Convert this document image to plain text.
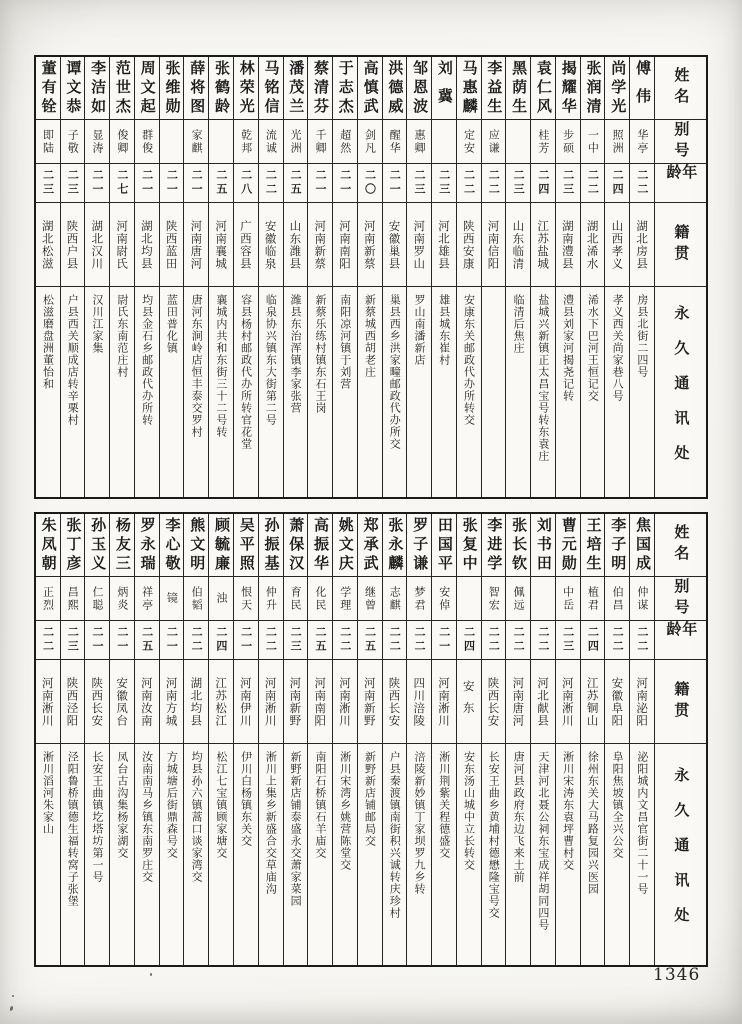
姓名
别号
年龄
籍贯
永久通讯处
傅伟
华亭
二二
湖北房县
房县北街二四号
尚学光
照洲
二四
山西孝义
孝义西关尚家巷八号
张润清
一中
二二
湖北浠水
浠水下巴河王恒记交
揭耀华
步硕
二三
湖南澧县
澧县刘家河揭尧记转
袁仁风
桂芳
二四
江苏盐城
盐城兴新镇正太昌宝号转东袁庄
黑荫生
二三
山东临清
临清后焦庄
李益生
应谦
二二
河南信阳
马惠麟
定安
二二
陕西安康
安康东关邮政代办所转交
刘冀
二三
河北雄县
雄县城东崔村
邹恩波
惠卿
二三
河南罗山
罗山南潘新店
洪德威
醒华
二一
安徽巢县
巢县西乡洪家疃邮政代办所交
高慎武
剑凡
二〇
河南新蔡
新蔡城西胡老庄
于志杰
超然
二一
河南南阳
南阳凉河镇于刘营
蔡清芬
千卿
二一
河南新蔡
新蔡乐练村镇东石王岗
潘茂兰
光洲
二五
山东潍县
潍县东治浑镇李家张营
马铭信
流诚
二二
安徽临泉
临泉协兴镇东大街第二号
林荣光
乾邦
二八
广西容县
容县杨村邮政代办所转官花堂
张鹤龄
二五
河南襄城
襄城内共和东街三十二号转
薛将图
家麒
二一
河南唐河
唐河东涧岭店恒丰泰交罗村
张维勋
二一
陕西蓝田
蓝田普化镇
周文起
群俊
二一
湖北均县
均县金石乡邮政代办所转
范世杰
俊卿
二七
河南尉氏
尉氏东南范庄村
李洁如
显涛
二一
湖北汉川
汉川江家集
谭文恭
子敬
二三
陕西户县
户县西关顺成店转辛栗村
董有铨
即陆
二三
湖北松滋
松滋磨盘洲董怡和
姓名
别号
年龄
籍贯
永久通讯处
焦国成
仲谋
二二
河南泌阳
泌阳城内文昌官街二十一号
李子明
伯昌
二二
安徽阜阳
阜阳焦坡镇全兴公交
王培生
植君
二四
江苏铜山
徐州东关大马路复园兴医园
曹元勋
中岳
二三
河南淅川
淅川宋涛东袁坪曹村交
刘书田
二二
河北献县
天津河北聂公祠东宝成祥胡同四号
张长钦
佩远
二二
河南唐河
唐河县政府东边飞来土前
李进学
智宏
二二
陕西长安
长安王曲乡黄埔村德懋隆宝号交
张复中
二四
安东
安东汤山城中立长转交
田国平
安倬
二一
河南淅川
淅川荆紫关程德盛交
罗子谦
梦君
二二
四川涪陵
涪陵新妙镇丁家坝罗九乡转
张永麟
志麒
二二
陕西长安
户县秦渡镇南街积兴诚转庆珍村
郑承武
继曾
二五
河南新野
新野新店铺邮局交
姚文庆
学理
二二
河南淅川
淅川宋湾乡姚营陈堂交
高振华
化民
二五
河南南阳
南阳石桥镇石羊庙交
萧保汉
育民
二三
河南新野
新野新店铺泰盛永交萧家菜园
孙振基
仲升
二二
河南淅川
淅川上集乡新盛合交草庙沟
吴平照
恨天
二一
河南伊川
伊川白杨镇东关交
顾毓廉
浊
二四
江苏松江
松江七宝镇顾家塘交
熊文明
伯韬
二二
湖北均县
均县孙六镇蒿口谈家湾交
李心敬
镜
二一
河南方城
方城塘后街鼎森号交
罗永瑞
祥亭
二五
河南汝南
汝南南马乡镇东南罗庄交
杨友三
炳炎
二一
安徽凤台
凤台古沟集杨家湖交
孙玉义
仁聪
二一
陕西长安
长安王曲镇圪塔坊第一号
张丁彦
昌熙
二三
陕西泾阳
泾阳鲁桥镇德生福转窝子张堡
朱凤朝
正烈
二二
河南淅川
淅川滔河朱家山
1346
